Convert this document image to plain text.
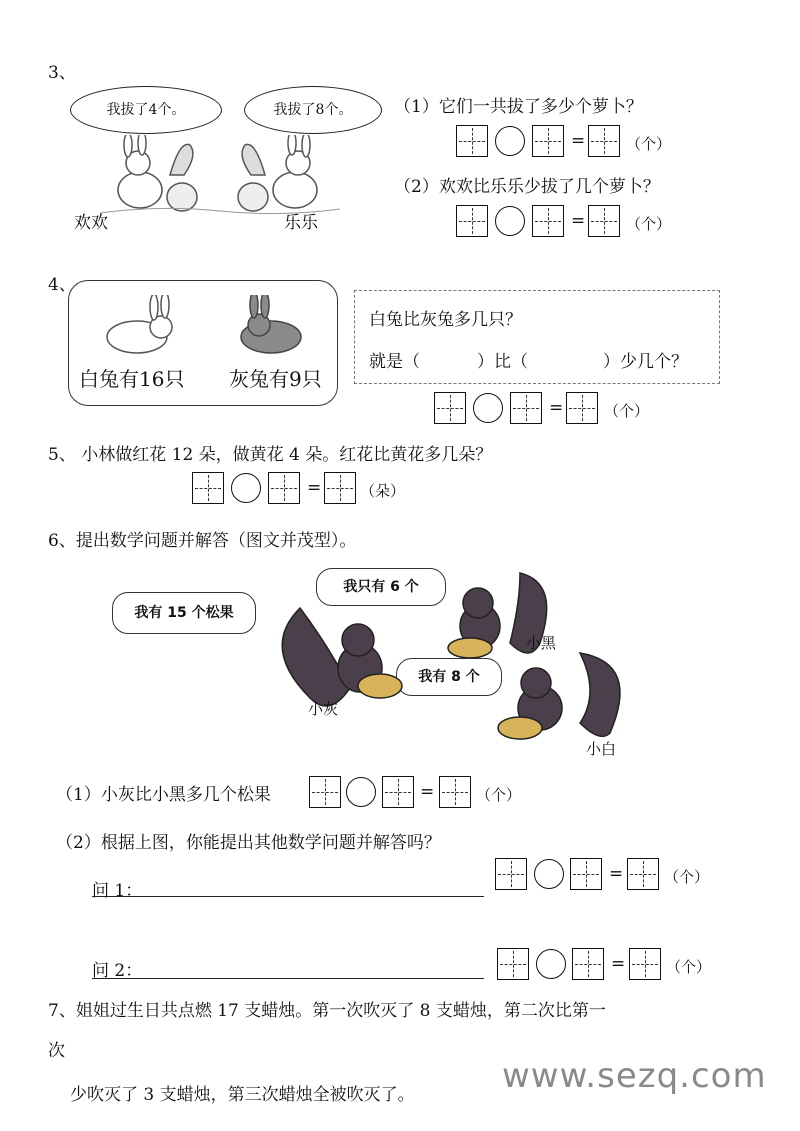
3、
我拔了4个。	我拔了8个。
欢欢	乐乐
（1）它们一共拔了多少个萝卜？
=	（个）
（2）欢欢比乐乐少拔了几个萝卜？
=	（个）
4、
白兔有16只 灰兔有9只
白兔比灰兔多几只？
就是（	）比（	）少几个？
=	（个）
5、 小林做红花 12 朵，做黄花 4 朵。红花比黄花多几朵？
=	（朵）
6、提出数学问题并解答（图文并茂型）。
我有 15 个松果
我只有 6 个
我有 8 个
小灰
小黑
小白
（1）小灰比小黑多几个松果	=	（个）
（2）根据上图，你能提出其他数学问题并解答吗？
问 1：
=	（个）
问 2：	=	（个）
7、姐姐过生日共点燃 17 支蜡烛。第一次吹灭了 8 支蜡烛，第二次比第一
次
少吹灭了 3 支蜡烛，第三次蜡烛全被吹灭了。	www.sezq.com
